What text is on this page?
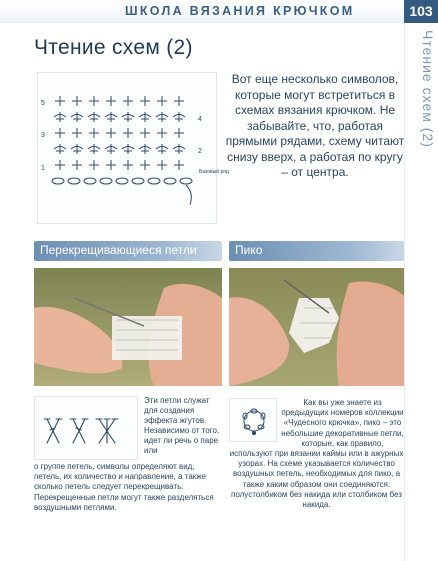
ШКОЛА ВЯЗАНИЯ КРЮЧКОМ	103
Чтение схем (2)
Чтение схем (2)
5
3
1
4
2
Базовый ряд
Вот еще несколько символов, которые могут встретиться в схемах вязания крючком. Не забывайте, что, работая прямыми рядами, схему читают снизу вверх, а работая по кругу – от центра.
Перекрещивающиеся петли	Пико
Эти петли служат для создания эффекта жгутов. Независимо от того, идет ли речь о паре или
о группе петель, символы определяют вид, петель, их количество и направление, а также сколько петель следует перекрещивать. Перекрещенные петли могут также разделяться воздушными петлями.
Как вы уже знаете из предыдущих номеров коллекции «Чудесного крючка», пико – это небольшие декоративные петли, которые, как правило, используют при вязании каймы или в ажурных узорах. На схеме указывается количество воздушных петель, необходимых для пико, а также каким образом они соединяются: полустолбиком без накида или столбиком без накида.
